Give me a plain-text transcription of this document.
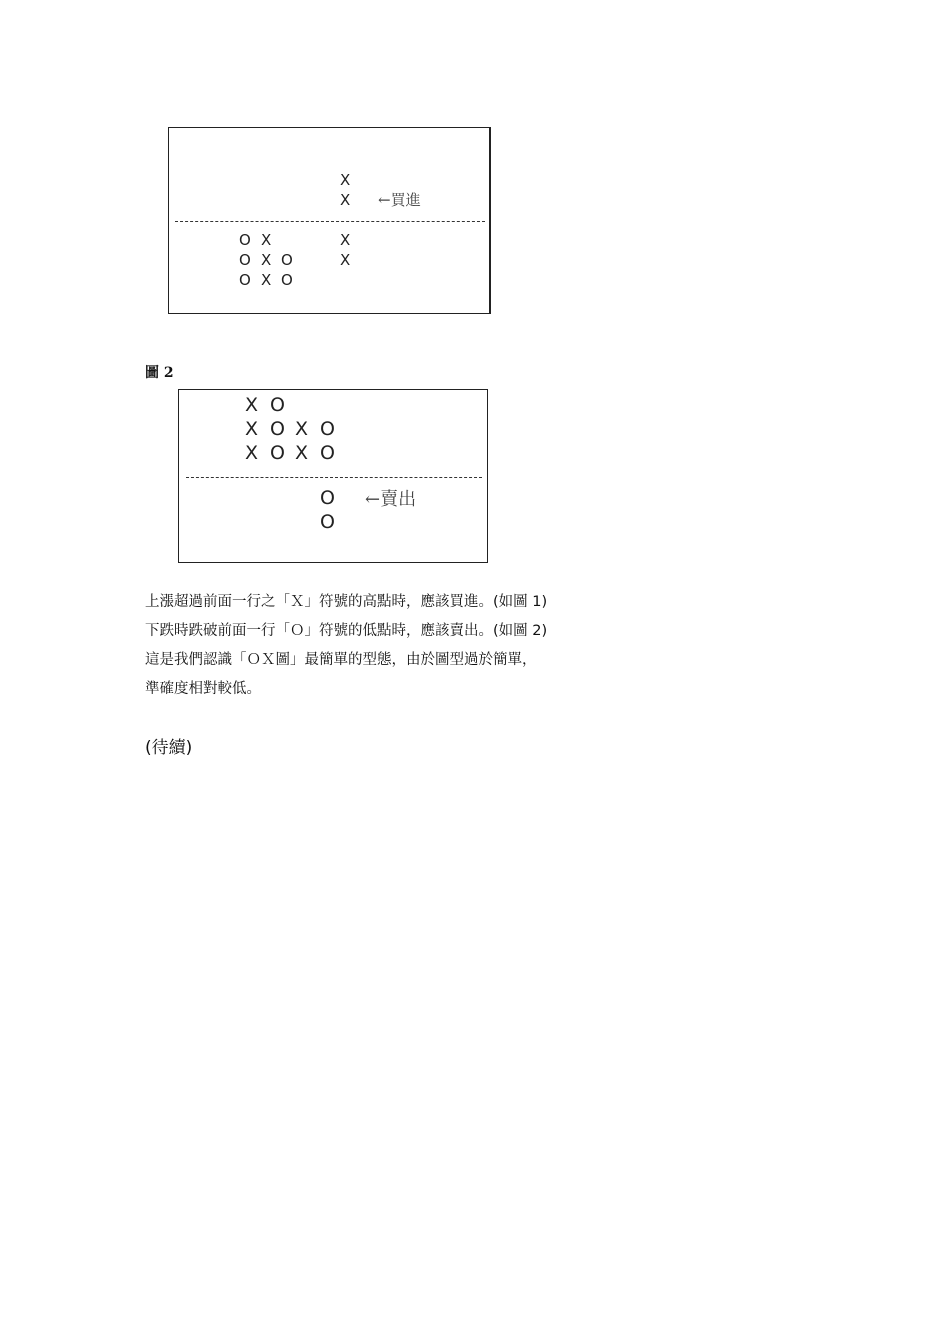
X
X
O X	X
O X O	X
O X O
←買進
圖 2
X O
X O X O
X O X O
O
O
←賣出
上漲超過前面一行之「Ｘ」符號的高點時，應該買進。(如圖 1)
下跌時跌破前面一行「Ｏ」符號的低點時，應該賣出。(如圖 2)
這是我們認識「ＯＸ圖」最簡單的型態，由於圖型過於簡單，
準確度相對較低。
(待續)
